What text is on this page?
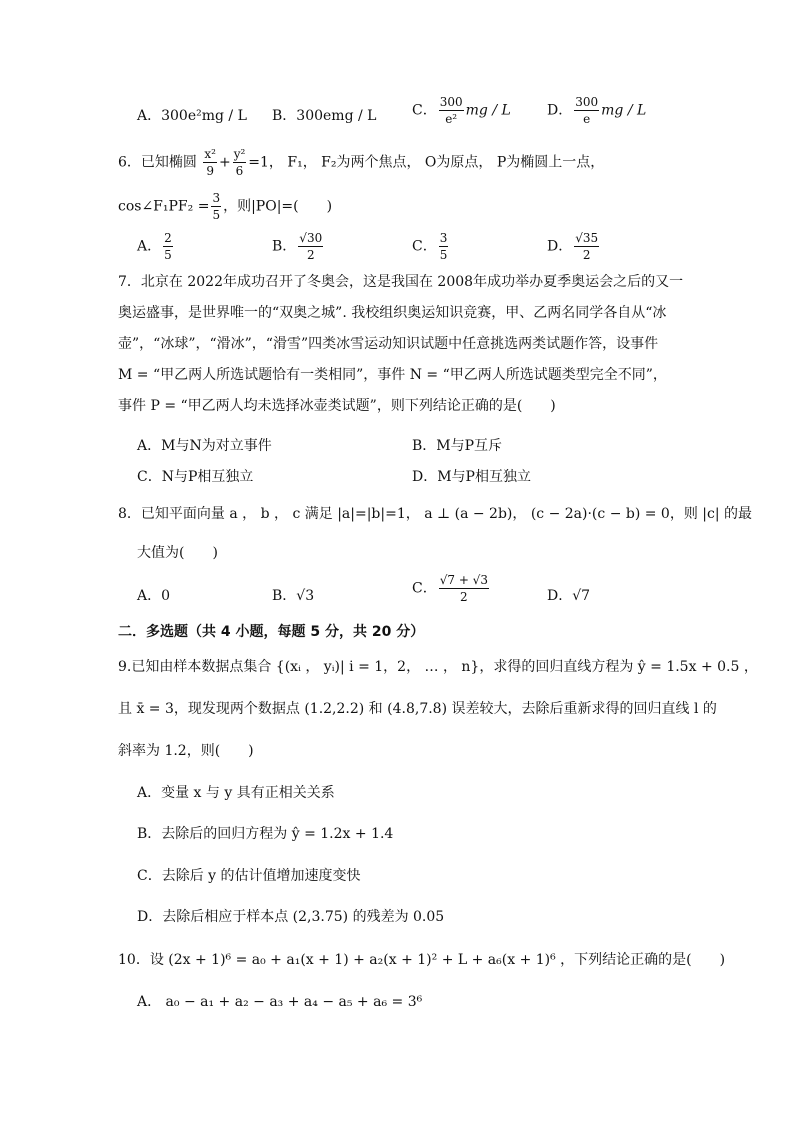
A．300e²mg / L B．300emg / L	C． $\frac{300}{\text{e²}}$ mg / L	D． $\frac{300}{e}$ mg / L
6．已知椭圆 $\frac{\text{x²}}{9} + \frac{\text{y²}}{6} =1$， F₁， F₂为两个焦点， O为原点， P为椭圆上一点，
cos∠F₁PF₂ = $\frac{3}{5}$ ，则|PO|=(　　)
A． $\frac{2}{5}$	B． $\frac{√30}{2}$	C． $\frac{3}{5}$	D． $\frac{√35}{2}$
7．北京在 2022年成功召开了冬奥会，这是我国在 2008年成功举办夏季奥运会之后的又一
奥运盛事，是世界唯一的“双奥之城”. 我校组织奥运知识竞赛，甲、乙两名同学各自从“冰
壶”，“冰球”，“滑冰”，“滑雪”四类冰雪运动知识试题中任意挑选两类试题作答，设事件
M = “甲乙两人所选试题恰有一类相同”，事件 N = “甲乙两人所选试题类型完全不同”，
事件 P = “甲乙两人均未选择冰壶类试题”，则下列结论正确的是(　　)
A．M与N为对立事件	B．M与P互斥
C．N与P相互独立	D．M与P相互独立
8．已知平面向量 a ， b ， c 满足 |a|=|b|=1， a ⊥ (a − 2b)， (c − 2a)·(c − b) = 0，则 |c| 的最
大值为(　　)
A．0	B．√3	C． $\frac{√7 + √3}{2}$	D．√7
二．多选题（共 4 小题，每题 5 分，共 20 分）
9.已知由样本数据点集合 {(xᵢ ， yᵢ)| i = 1，2， … ， n}，求得的回归直线方程为 ŷ = 1.5x + 0.5 ，
且 x̄ = 3，现发现两个数据点 (1.2,2.2) 和 (4.8,7.8) 误差较大，去除后重新求得的回归直线 l 的
斜率为 1.2，则(　　)
A．变量 x 与 y 具有正相关关系
B．去除后的回归方程为 ŷ = 1.2x + 1.4
C．去除后 y 的估计值增加速度变快
D．去除后相应于样本点 (2,3.75) 的残差为 0.05
10．设 (2x + 1)⁶ = a₀ + a₁(x + 1) + a₂(x + 1)² + L + a₆(x + 1)⁶ ，下列结论正确的是(　　)
A． a₀ − a₁ + a₂ − a₃ + a₄ − a₅ + a₆ = 3⁶
